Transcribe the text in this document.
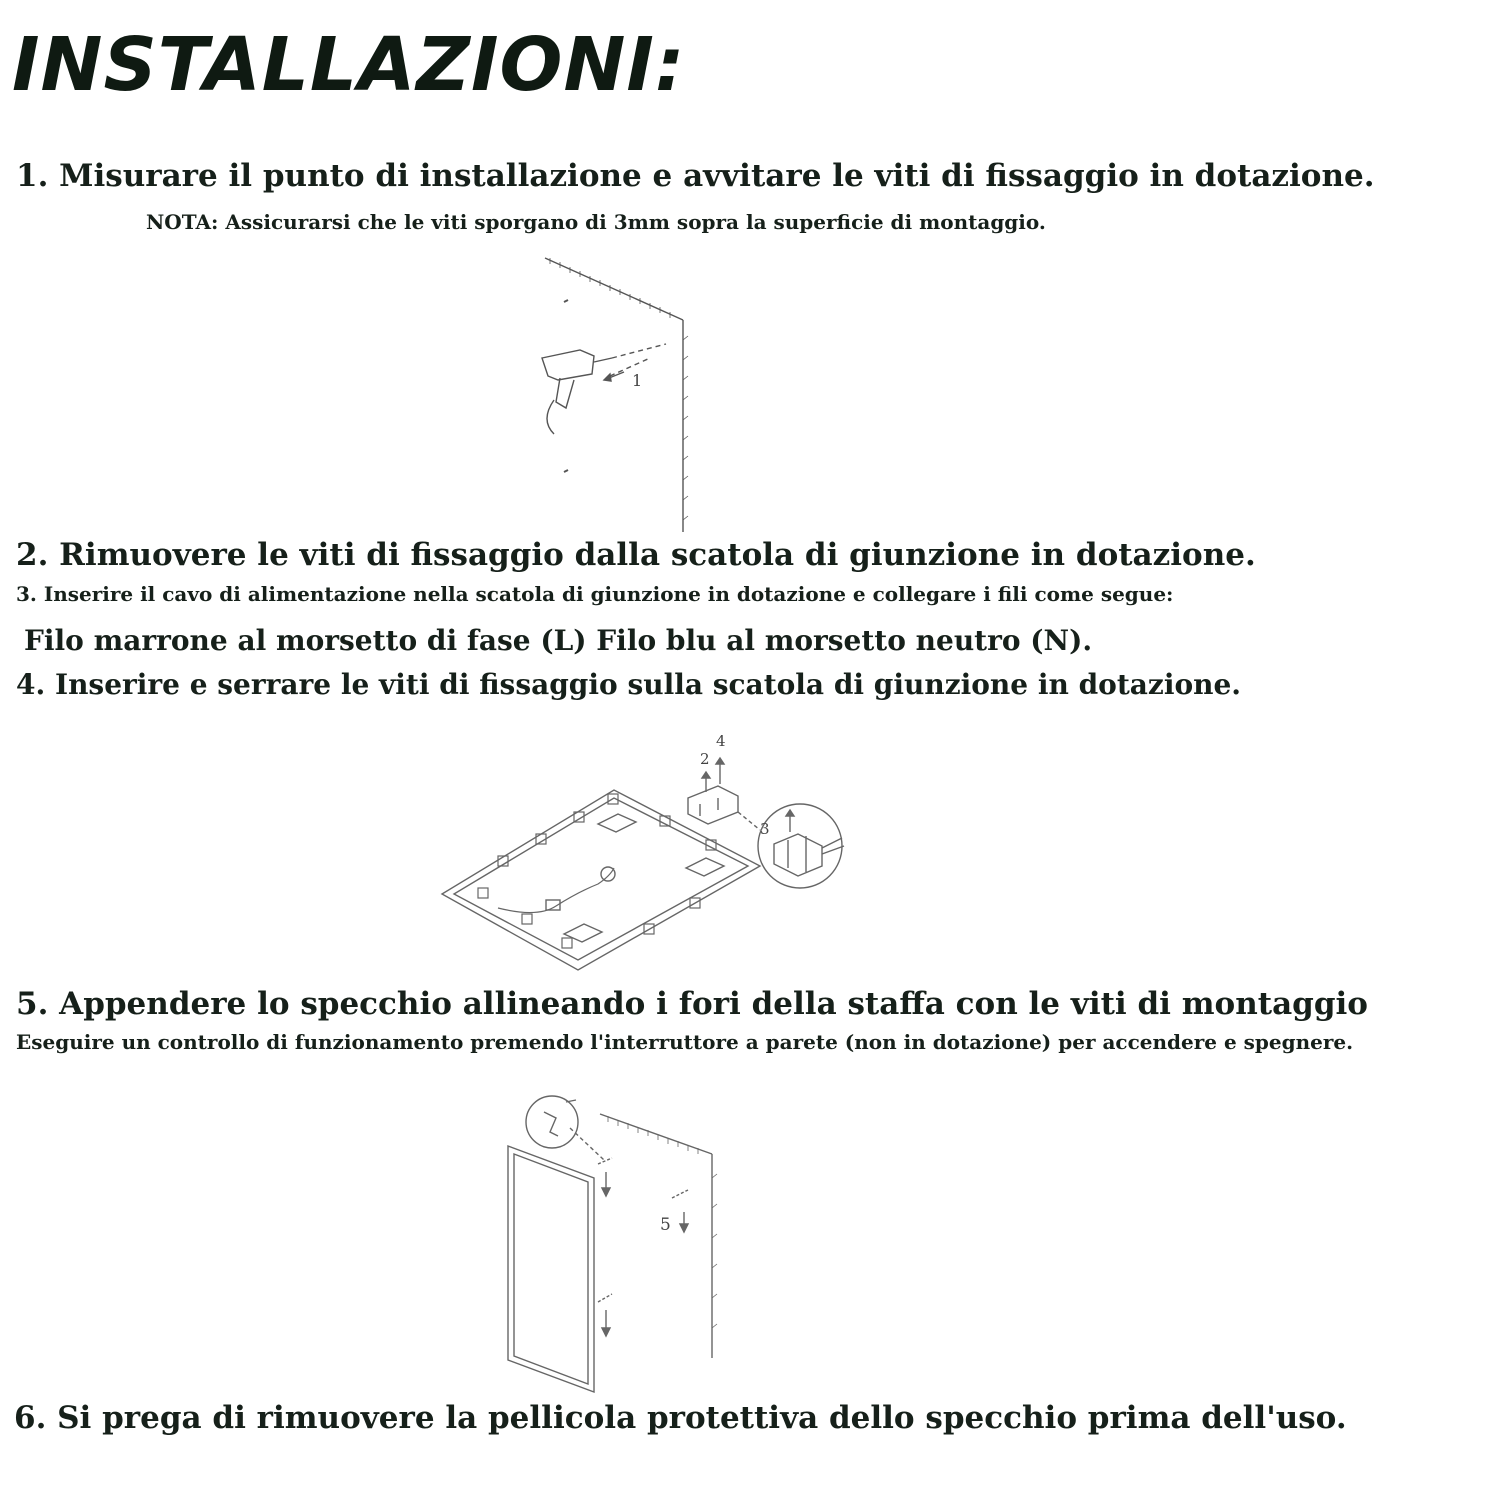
INSTALLAZIONI:

1. Misurare il punto di installazione e avvitare le viti di fissaggio in dotazione.

NOTA: Assicurarsi che le viti sporgano di 3mm sopra la superficie di montaggio.

1

2. Rimuovere le viti di fissaggio dalla scatola di giunzione in dotazione.

3. Inserire il cavo di alimentazione nella scatola di giunzione in dotazione e collegare i fili come segue:

Filo marrone al morsetto di fase (L) Filo blu al morsetto neutro (N).

4. Inserire e serrare le viti di fissaggio sulla scatola di giunzione in dotazione.

2
3
4

5. Appendere lo specchio allineando i fori della staffa con le viti di montaggio

Eseguire un controllo di funzionamento premendo l'interruttore a parete (non in dotazione) per accendere e spegnere.

5

6. Si prega di rimuovere la pellicola protettiva dello specchio prima dell'uso.
